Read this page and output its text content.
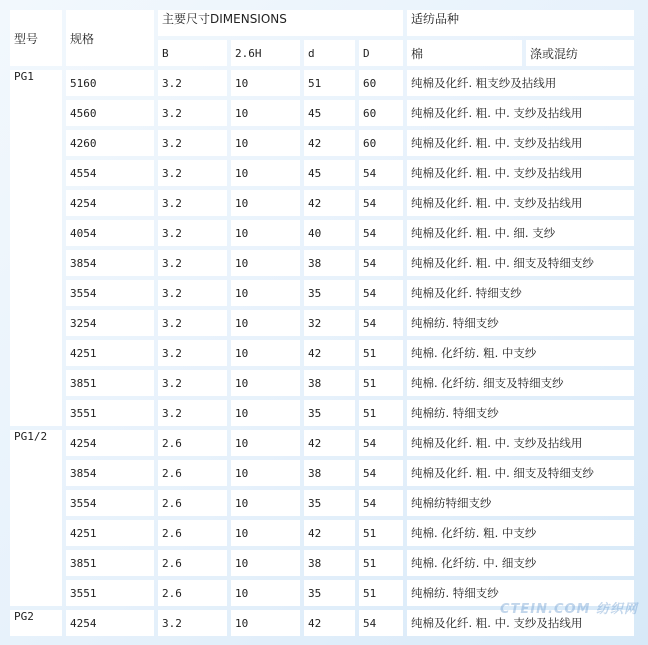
型号	规格	主要尺寸DIMENSIONS				适纺品种	
		B	2.6H	d	D	棉	涤或混纺
PG1	5160	3.2	10	51	60	纯棉及化纤. 粗支纱及拈线用	
	4560	3.2	10	45	60	纯棉及化纤. 粗. 中. 支纱及拈线用	
	4260	3.2	10	42	60	纯棉及化纤. 粗. 中. 支纱及拈线用	
	4554	3.2	10	45	54	纯棉及化纤. 粗. 中. 支纱及拈线用	
	4254	3.2	10	42	54	纯棉及化纤. 粗. 中. 支纱及拈线用	
	4054	3.2	10	40	54	纯棉及化纤. 粗. 中. 细. 支纱	
	3854	3.2	10	38	54	纯棉及化纤. 粗. 中. 细支及特细支纱	
	3554	3.2	10	35	54	纯棉及化纤. 特细支纱	
	3254	3.2	10	32	54	纯棉纺. 特细支纱	
	4251	3.2	10	42	51	纯棉. 化纤纺. 粗. 中支纱	
	3851	3.2	10	38	51	纯棉. 化纤纺. 细支及特细支纱	
	3551	3.2	10	35	51	纯棉纺. 特细支纱	
PG1/2	4254	2.6	10	42	54	纯棉及化纤. 粗. 中. 支纱及拈线用	
	3854	2.6	10	38	54	纯棉及化纤. 粗. 中. 细支及特细支纱	
	3554	2.6	10	35	54	纯棉纺特细支纱	
	4251	2.6	10	42	51	纯棉. 化纤纺. 粗. 中支纱	
	3851	2.6	10	38	51	纯棉. 化纤纺. 中. 细支纱	
	3551	2.6	10	35	51	纯棉纺. 特细支纱	
PG2	4254	3.2	10	42	54	纯棉及化纤. 粗. 中. 支纱及拈线用	
CTEIN.COM 纺织网
